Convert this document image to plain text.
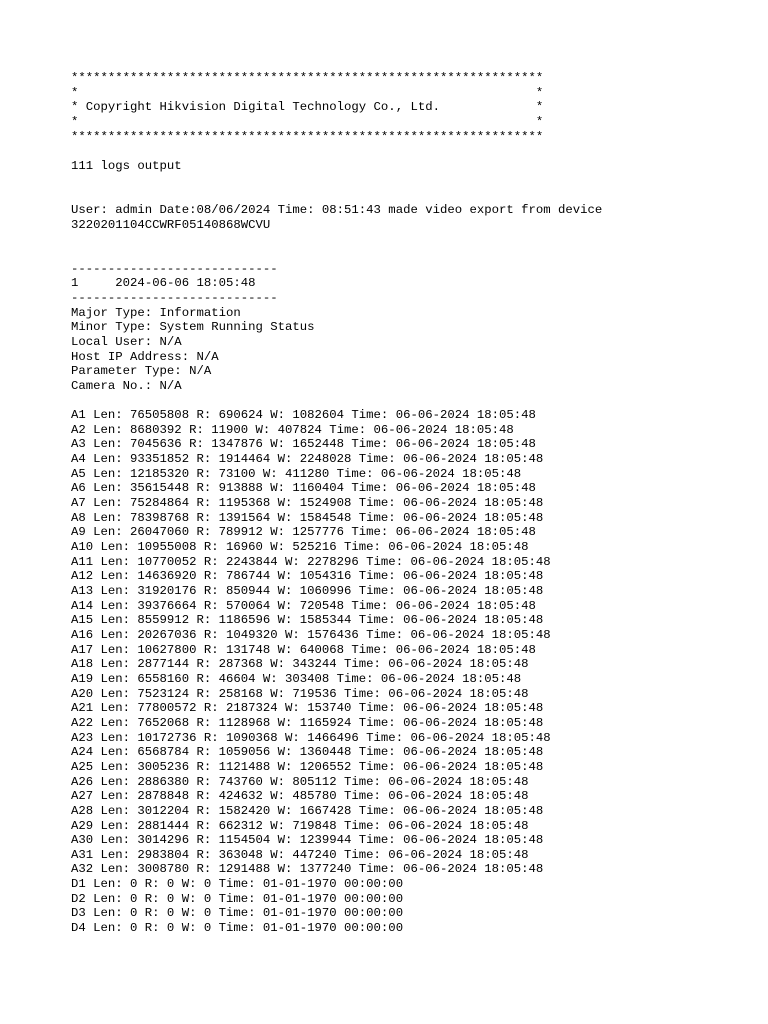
****************************************************************
*                                                              *
* Copyright Hikvision Digital Technology Co., Ltd.             *
*                                                              *
****************************************************************
111 logs output
User: admin Date:08/06/2024 Time: 08:51:43 made video export from device
3220201104CCWRF05140868WCVU
----------------------------
1	2024-06-06 18:05:48
----------------------------
Major Type: Information
Minor Type: System Running Status
Local User: N/A
Host IP Address: N/A
Parameter Type: N/A
Camera No.: N/A
A1 Len: 76505808 R: 690624 W: 1082604 Time: 06-06-2024 18:05:48
A2 Len: 8680392 R: 11900 W: 407824 Time: 06-06-2024 18:05:48
A3 Len: 7045636 R: 1347876 W: 1652448 Time: 06-06-2024 18:05:48
A4 Len: 93351852 R: 1914464 W: 2248028 Time: 06-06-2024 18:05:48
A5 Len: 12185320 R: 73100 W: 411280 Time: 06-06-2024 18:05:48
A6 Len: 35615448 R: 913888 W: 1160404 Time: 06-06-2024 18:05:48
A7 Len: 75284864 R: 1195368 W: 1524908 Time: 06-06-2024 18:05:48
A8 Len: 78398768 R: 1391564 W: 1584548 Time: 06-06-2024 18:05:48
A9 Len: 26047060 R: 789912 W: 1257776 Time: 06-06-2024 18:05:48
A10 Len: 10955008 R: 16960 W: 525216 Time: 06-06-2024 18:05:48
A11 Len: 10770052 R: 2243844 W: 2278296 Time: 06-06-2024 18:05:48
A12 Len: 14636920 R: 786744 W: 1054316 Time: 06-06-2024 18:05:48
A13 Len: 31920176 R: 850944 W: 1060996 Time: 06-06-2024 18:05:48
A14 Len: 39376664 R: 570064 W: 720548 Time: 06-06-2024 18:05:48
A15 Len: 8559912 R: 1186596 W: 1585344 Time: 06-06-2024 18:05:48
A16 Len: 20267036 R: 1049320 W: 1576436 Time: 06-06-2024 18:05:48
A17 Len: 10627800 R: 131748 W: 640068 Time: 06-06-2024 18:05:48
A18 Len: 2877144 R: 287368 W: 343244 Time: 06-06-2024 18:05:48
A19 Len: 6558160 R: 46604 W: 303408 Time: 06-06-2024 18:05:48
A20 Len: 7523124 R: 258168 W: 719536 Time: 06-06-2024 18:05:48
A21 Len: 77800572 R: 2187324 W: 153740 Time: 06-06-2024 18:05:48
A22 Len: 7652068 R: 1128968 W: 1165924 Time: 06-06-2024 18:05:48
A23 Len: 10172736 R: 1090368 W: 1466496 Time: 06-06-2024 18:05:48
A24 Len: 6568784 R: 1059056 W: 1360448 Time: 06-06-2024 18:05:48
A25 Len: 3005236 R: 1121488 W: 1206552 Time: 06-06-2024 18:05:48
A26 Len: 2886380 R: 743760 W: 805112 Time: 06-06-2024 18:05:48
A27 Len: 2878848 R: 424632 W: 485780 Time: 06-06-2024 18:05:48
A28 Len: 3012204 R: 1582420 W: 1667428 Time: 06-06-2024 18:05:48
A29 Len: 2881444 R: 662312 W: 719848 Time: 06-06-2024 18:05:48
A30 Len: 3014296 R: 1154504 W: 1239944 Time: 06-06-2024 18:05:48
A31 Len: 2983804 R: 363048 W: 447240 Time: 06-06-2024 18:05:48
A32 Len: 3008780 R: 1291488 W: 1377240 Time: 06-06-2024 18:05:48
D1 Len: 0 R: 0 W: 0 Time: 01-01-1970 00:00:00
D2 Len: 0 R: 0 W: 0 Time: 01-01-1970 00:00:00
D3 Len: 0 R: 0 W: 0 Time: 01-01-1970 00:00:00
D4 Len: 0 R: 0 W: 0 Time: 01-01-1970 00:00:00
